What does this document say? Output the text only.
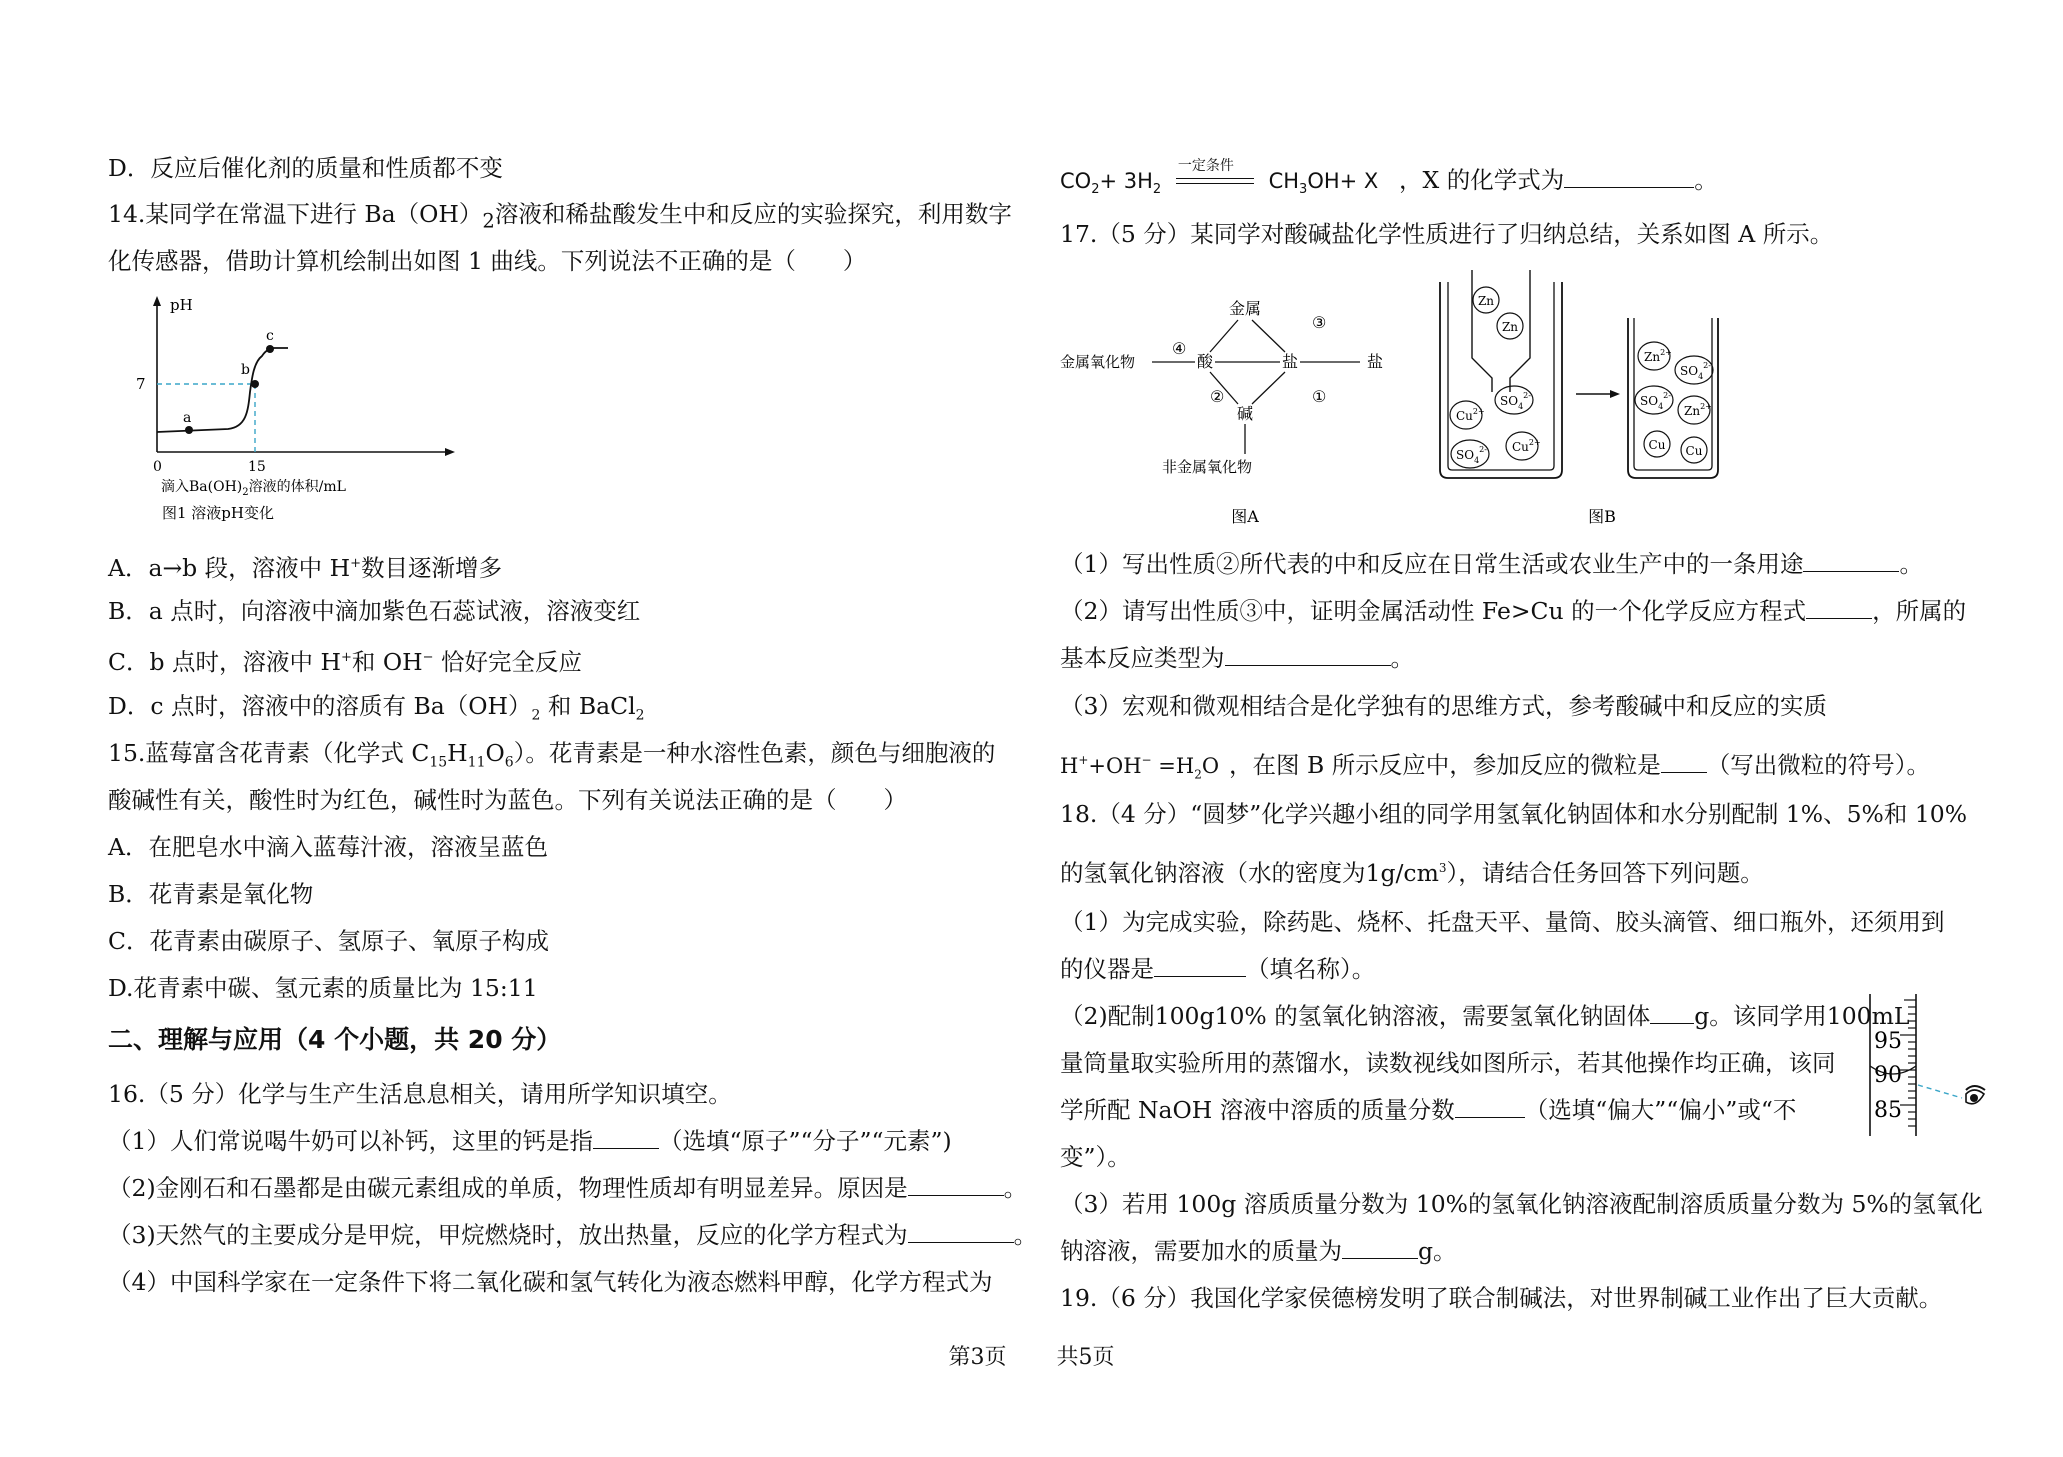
D．反应后催化剂的质量和性质都不变
14.某同学在常温下进行 $Ba(OH)_2$溶液和稀盐酸发生中和反应的实验探究，利用数字
化传感器，借助计算机绘制出如图 1 曲线。下列说法不正确的是（　　）
pH
7
0	15
a
b
c
滴入$Ba(OH)_2$溶液的体积/mL
图1 溶液pH变化
A．a→b 段，溶液中 H+数目逐渐增多
B．a 点时，向溶液中滴加紫色石蕊试液，溶液变红
C．b 点时，溶液中 H+和 OH− 恰好完全反应
D．c 点时，溶液中的溶质有 $Ba(OH)_2$ 和 BaCl$_2$
15.蓝莓富含花青素（化学式 $C_{15}H_{11}O_6$）。花青素是一种水溶性色素，颜色与细胞液的
酸碱性有关，酸性时为红色，碱性时为蓝色。下列有关说法正确的是（　　）
A．在肥皂水中滴入蓝莓汁液，溶液呈蓝色
B．花青素是氧化物
C．花青素由碳原子、氢原子、氧原子构成
D.花青素中碳、氢元素的质量比为 15:11
二、理解与应用（4 个小题，共 20 分）
16.（5 分）化学与生产生活息息相关，请用所学知识填空。
（1）人们常说喝牛奶可以补钙，这里的钙是指	（选填“原子”“分子”“元素”)
（2)金刚石和石墨都是由碳元素组成的单质，物理性质却有明显差异。原因是	。
（3)天然气的主要成分是甲烷，甲烷燃烧时，放出热量，反应的化学方程式为	。
（4）中国科学家在一定条件下将二氧化碳和氢气转化为液态燃料甲醇，化学方程式为
$CO_2+ 3H_2$
一定条件
$CH_3OH+ X$ ，X 的化学式为	。
17.（5 分）某同学对酸碱盐化学性质进行了归纳总结，关系如图 A 所示。
金属
酸	盐	盐
碱
金属氧化物
非金属氧化物
④
②	①
③
图A
Zn
Zn
$Cu^{2+}$
$SO_4^{2-}$
$SO_4^{2-}$ $Cu^{2+}$
$Zn^{2+}$
$SO_4^{2-}$
$SO_4^{2-}$
$Zn^{2+}$
Cu Cu
图B
（1）写出性质②所代表的中和反应在日常生活或农业生产中的一条用途	。
（2）请写出性质③中，证明金属活动性 Fe>Cu 的一个化学反应方程式	，所属的
基本反应类型为	。
（3）宏观和微观相结合是化学独有的思维方式，参考酸碱中和反应的实质
$H^++OH^- =H_2O$ ，在图 B 所示反应中，参加反应的微粒是 （写出微粒的符号）。
18.（4 分）“圆梦”化学兴趣小组的同学用氢氧化钠固体和水分别配制 1%、5%和 10%
的氢氧化钠溶液（水的密度为$1g/cm^3$），请结合任务回答下列问题。
（1）为完成实验，除药匙、烧杯、托盘天平、量筒、胶头滴管、细口瓶外，还须用到
的仪器是	（填名称）。
（2)配制100g10% 的氢氧化钠溶液，需要氢氧化钠固体 g。该同学用100mL
量筒量取实验所用的蒸馏水，读数视线如图所示，若其他操作均正确，该同
学所配 NaOH 溶液中溶质的质量分数	（选填“偏大”“偏小”或“不
变”）。
95
90
85
（3）若用 100g 溶质质量分数为 10%的氢氧化钠溶液配制溶质质量分数为 5%的氢氧化
钠溶液，需要加水的质量为	g。
19.（6 分）我国化学家侯德榜发明了联合制碱法，对世界制碱工业作出了巨大贡献。
第3页 共5页
